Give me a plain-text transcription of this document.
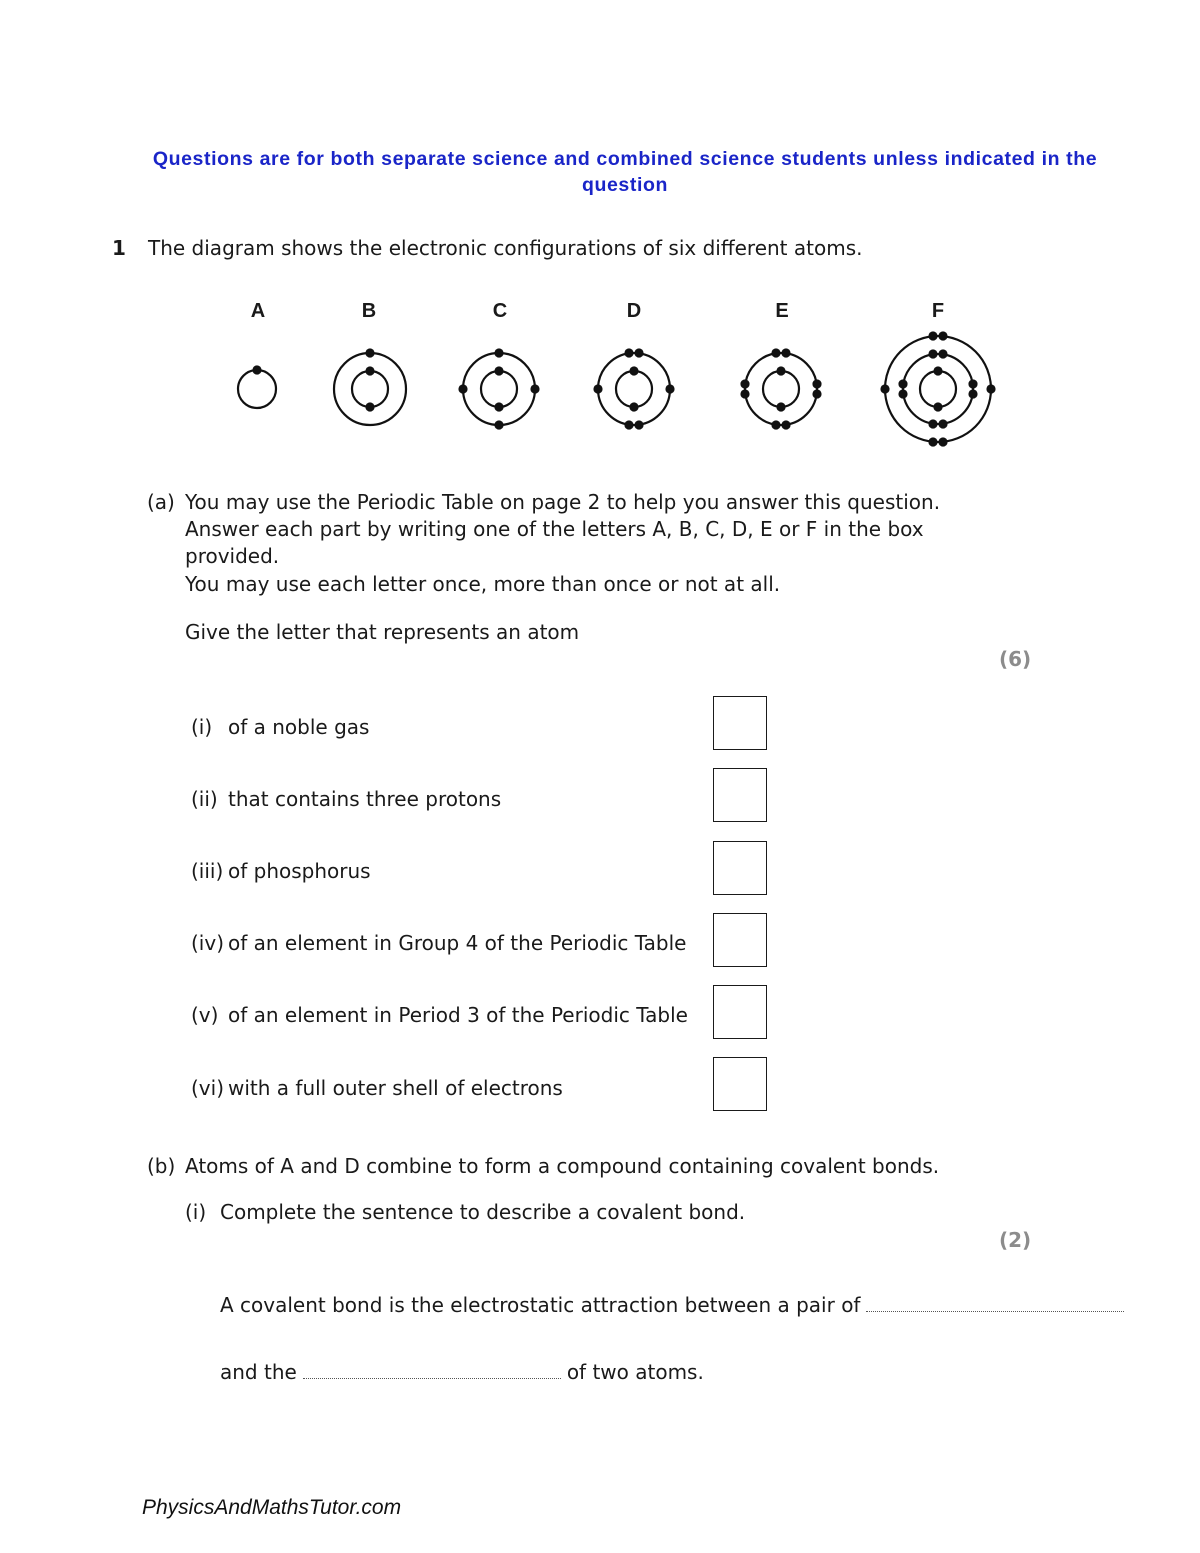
Questions are for both separate science and combined science students unless indicated in the question
1 The diagram shows the electronic configurations of six different atoms.
A	B	C	D	E	F
(a) You may use the Periodic Table on page 2 to help you answer this question.
Answer each part by writing one of the letters A, B, C, D, E or F in the box
provided.
You may use each letter once, more than once or not at all.
Give the letter that represents an atom
(6)
(i) of a noble gas
(ii) that contains three protons
(iii) of phosphorus
(iv) of an element in Group 4 of the Periodic Table
(v) of an element in Period 3 of the Periodic Table
(vi) with a full outer shell of electrons
(b) Atoms of A and D combine to form a compound containing covalent bonds.
(i) Complete the sentence to describe a covalent bond.
(2)
A covalent bond is the electrostatic attraction between a pair of
and the	of two atoms.
PhysicsAndMathsTutor.com
